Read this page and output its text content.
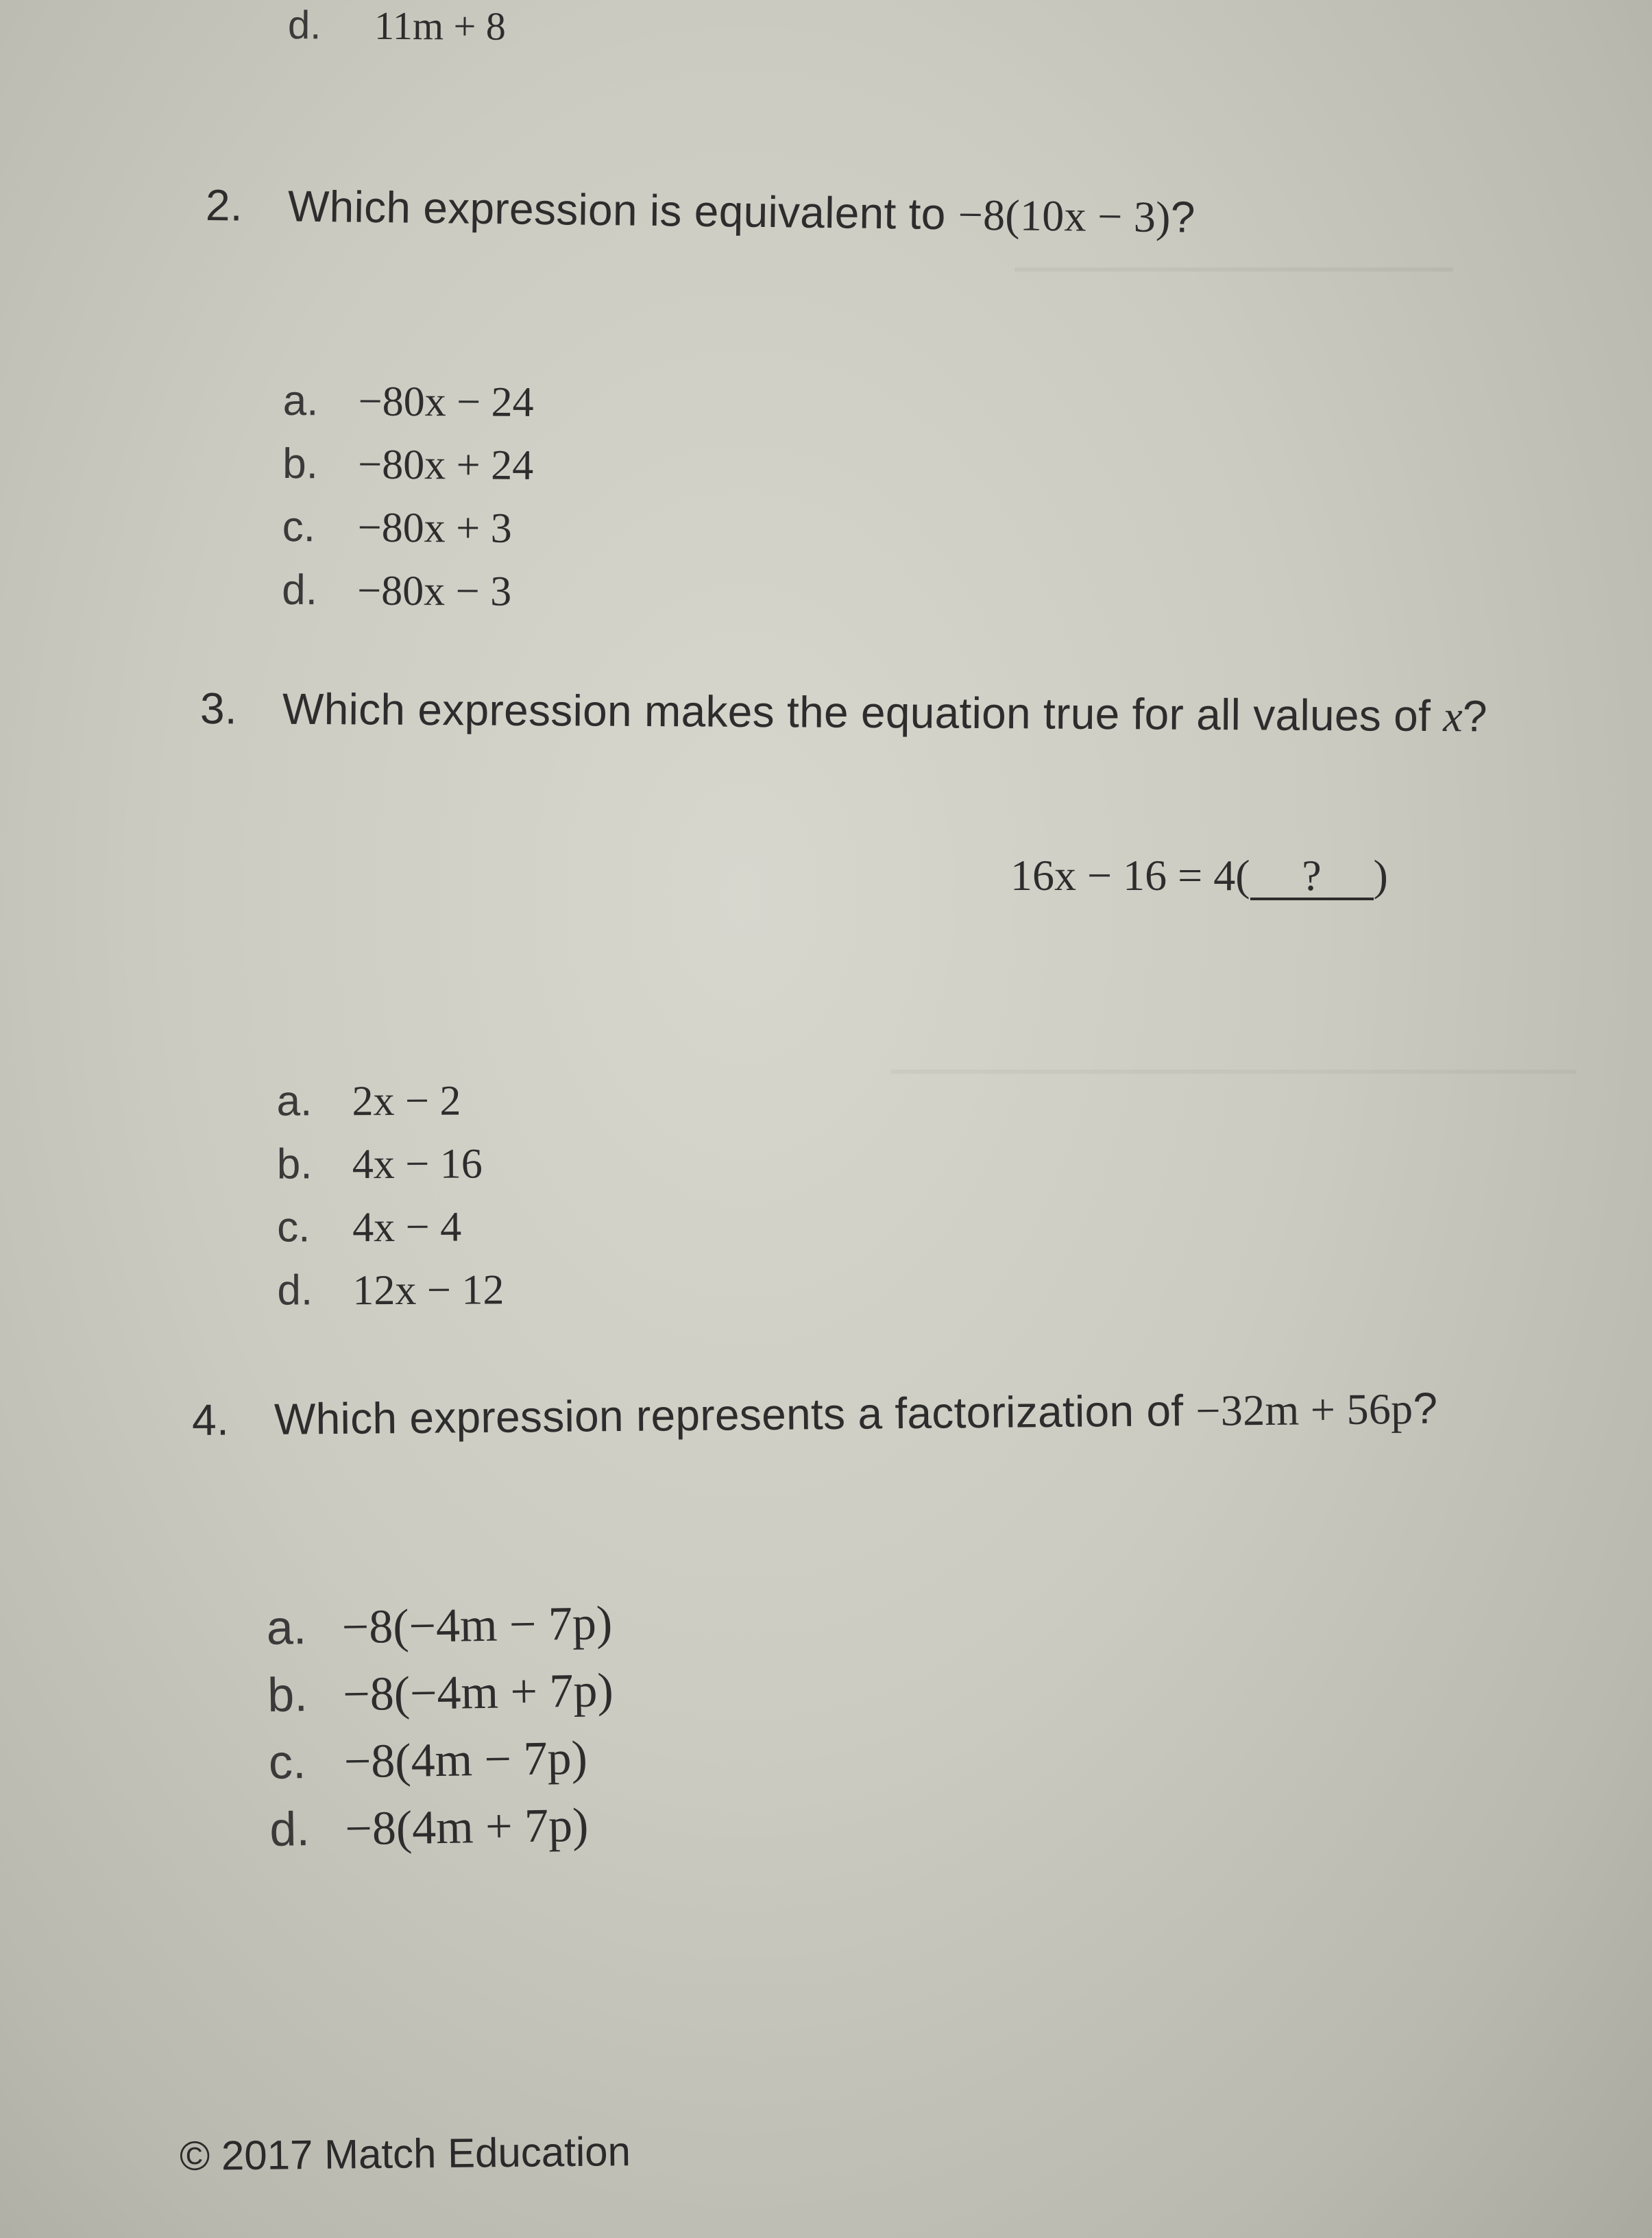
d. 11m + 8
2. Which expression is equivalent to −8(10x − 3)?
a. −80x − 24
b. −80x + 24
c. −80x + 3
d. −80x − 3
3. Which expression makes the equation true for all values of x?
16x − 16 = 4( ? )
a. 2x − 2
b. 4x − 16
c. 4x − 4
d. 12x − 12
4. Which expression represents a factorization of −32m + 56p?
a. −8(−4m − 7p)
b. −8(−4m + 7p)
c. −8(4m − 7p)
d. −8(4m + 7p)
© 2017 Match Education
